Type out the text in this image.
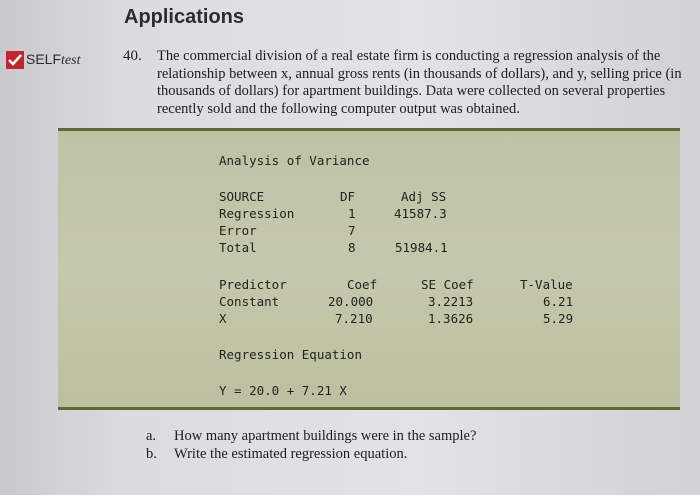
Applications
SELFtest	40. The commercial division of a real estate firm is conducting a regression analysis of the relationship between x, annual gross rents (in thousands of dollars), and y, selling price (in thousands of dollars) for apartment buildings. Data were collected on several properties recently sold and the following computer output was obtained.
Analysis of Variance
SOURCE	DF	Adj SS
Regression	1	41587.3
Error	7
Total	8	51984.1
Predictor	Coef	SE Coef	T-Value
Constant	20.000	3.2213	6.21
X	7.210	1.3626	5.29
Regression Equation
Y = 20.0 + 7.21 X
a. How many apartment buildings were in the sample?
b. Write the estimated regression equation.
